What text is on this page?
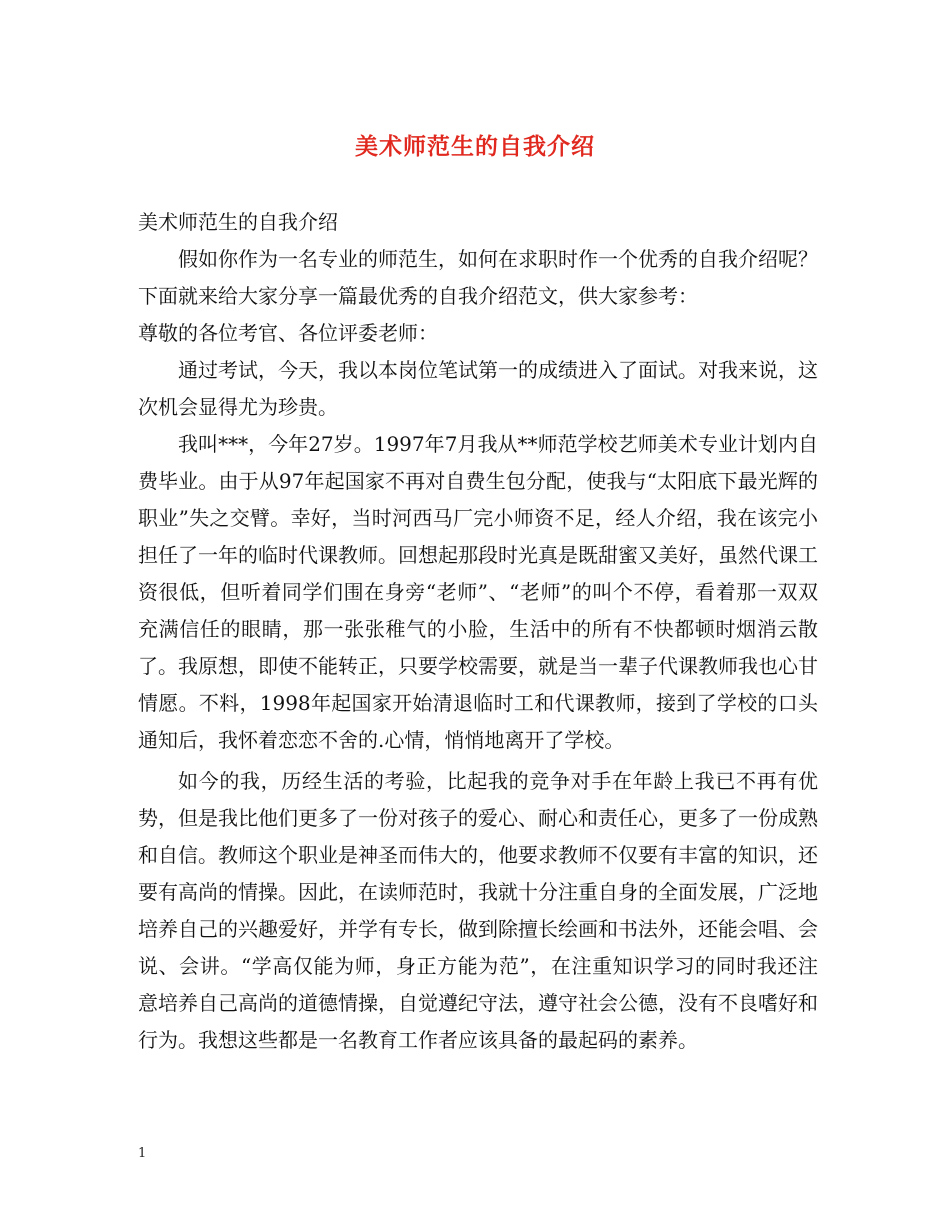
美术师范生的自我介绍

美术师范生的自我介绍

假如你作为一名专业的师范生，如何在求职时作一个优秀的自我介绍呢？下面就来给大家分享一篇最优秀的自我介绍范文，供大家参考：

尊敬的各位考官、各位评委老师：

通过考试，今天，我以本岗位笔试第一的成绩进入了面试。对我来说，这次机会显得尤为珍贵。

我叫***，今年27岁。1997年7月我从**师范学校艺师美术专业计划内自费毕业。由于从97年起国家不再对自费生包分配，使我与“太阳底下最光辉的职业”失之交臂。幸好，当时河西马厂完小师资不足，经人介绍，我在该完小担任了一年的临时代课教师。回想起那段时光真是既甜蜜又美好，虽然代课工资很低，但听着同学们围在身旁“老师”、“老师”的叫个不停，看着那一双双充满信任的眼睛，那一张张稚气的小脸，生活中的所有不快都顿时烟消云散了。我原想，即使不能转正，只要学校需要，就是当一辈子代课教师我也心甘情愿。不料，1998年起国家开始清退临时工和代课教师，接到了学校的口头通知后，我怀着恋恋不舍的.心情，悄悄地离开了学校。

如今的我，历经生活的考验，比起我的竞争对手在年龄上我已不再有优势，但是我比他们更多了一份对孩子的爱心、耐心和责任心，更多了一份成熟和自信。教师这个职业是神圣而伟大的，他要求教师不仅要有丰富的知识，还要有高尚的情操。因此，在读师范时，我就十分注重自身的全面发展，广泛地培养自己的兴趣爱好，并学有专长，做到除擅长绘画和书法外，还能会唱、会说、会讲。“学高仅能为师，身正方能为范”，在注重知识学习的同时我还注意培养自己高尚的道德情操，自觉遵纪守法，遵守社会公德，没有不良嗜好和行为。我想这些都是一名教育工作者应该具备的最起码的素养。

1
